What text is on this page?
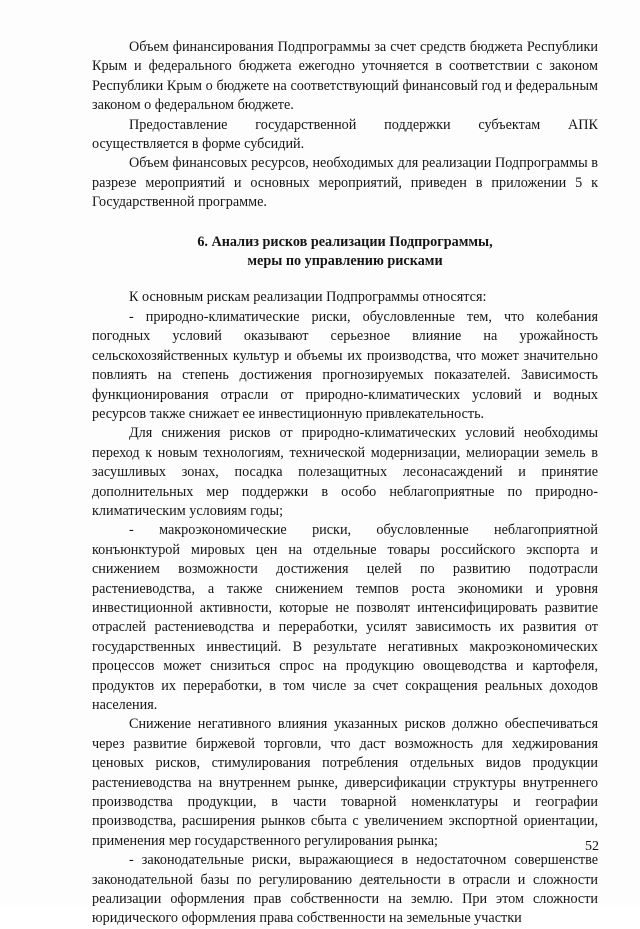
Объем финансирования Подпрограммы за счет средств бюджета Республики Крым и федерального бюджета ежегодно уточняется в соответствии с законом Республики Крым о бюджете на соответствующий финансовый год и федеральным законом о федеральном бюджете.

Предоставление государственной поддержки субъектам АПК осуществляется в форме субсидий.

Объем финансовых ресурсов, необходимых для реализации Подпрограммы в разрезе мероприятий и основных мероприятий, приведен в приложении 5 к Государственной программе.

6. Анализ рисков реализации Подпрограммы,
меры по управлению рисками

К основным рискам реализации Подпрограммы относятся:

- природно-климатические риски, обусловленные тем, что колебания погодных условий оказывают серьезное влияние на урожайность сельскохозяйственных культур и объемы их производства, что может значительно повлиять на степень достижения прогнозируемых показателей. Зависимость функционирования отрасли от природно-климатических условий и водных ресурсов также снижает ее инвестиционную привлекательность.

Для снижения рисков от природно-климатических условий необходимы переход к новым технологиям, технической модернизации, мелиорации земель в засушливых зонах, посадка полезащитных лесонасаждений и принятие дополнительных мер поддержки в особо неблагоприятные по природно-климатическим условиям годы;

- макроэкономические риски, обусловленные неблагоприятной конъюнктурой мировых цен на отдельные товары российского экспорта и снижением возможности достижения целей по развитию подотрасли растениеводства, а также снижением темпов роста экономики и уровня инвестиционной активности, которые не позволят интенсифицировать развитие отраслей растениеводства и переработки, усилят зависимость их развития от государственных инвестиций. В результате негативных макроэкономических процессов может снизиться спрос на продукцию овощеводства и картофеля, продуктов их переработки, в том числе за счет сокращения реальных доходов населения.

Снижение негативного влияния указанных рисков должно обеспечиваться через развитие биржевой торговли, что даст возможность для хеджирования ценовых рисков, стимулирования потребления отдельных видов продукции растениеводства на внутреннем рынке, диверсификации структуры внутреннего производства продукции, в части товарной номенклатуры и географии производства, расширения рынков сбыта с увеличением экспортной ориентации, применения мер государственного регулирования рынка;

- законодательные риски, выражающиеся в недостаточном совершенстве законодательной базы по регулированию деятельности в отрасли и сложности реализации оформления прав собственности на землю. При этом сложности юридического оформления права собственности на земельные участки

52
